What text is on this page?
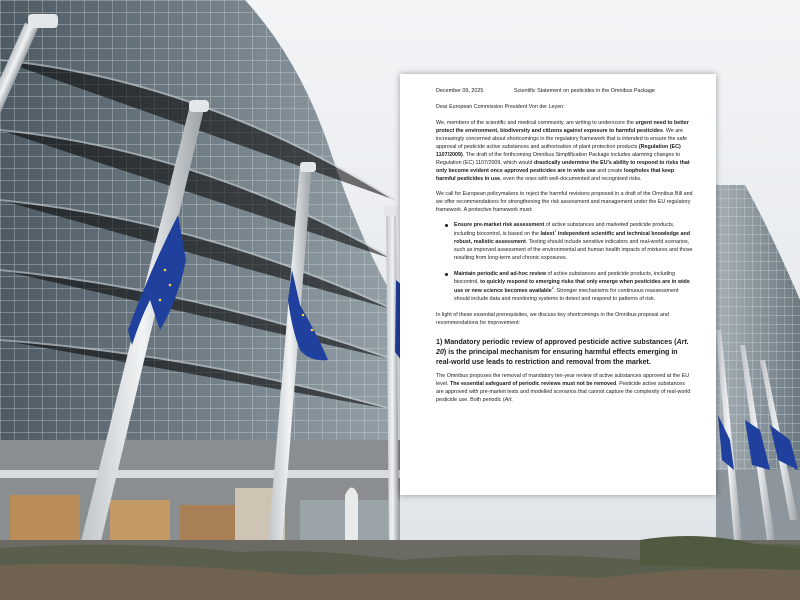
December 09, 2025	Scientific Statement on pesticides in the Omnibus Package

Dear European Commission President Von der Leyen:

We, members of the scientific and medical community, are writing to underscore the urgent need to better protect the environment, biodiversity and citizens against exposure to harmful pesticides. We are increasingly concerned about shortcomings in the regulatory framework that is intended to ensure the safe approval of pesticide active substances and authorisation of plant protection products (Regulation (EC) 1107/2009). The draft of the forthcoming Omnibus Simplification Package includes alarming changes to Regulation (EC) 1107/2009, which would drastically undermine the EU's ability to respond to risks that only become evident once approved pesticides are in wide use and create loopholes that keep harmful pesticides in use, even the ones with well-documented and recognised risks.

We call for European policymakers to reject the harmful revisions proposed in a draft of the Omnibus Bill and we offer recommendations for strengthening the risk assessment and management under the EU regulatory framework. A protective framework must:

Ensure pre-market risk assessment of active substances and marketed pesticide products, including biocontrol, is based on the latest$^1$ independent scientific and technical knowledge and robust, realistic assessment. Testing should include sensitive indicators and real-world scenarios, such as improved assessment of the environmental and human health impacts of mixtures and those resulting from long-term and chronic exposures.
Maintain periodic and ad-hoc review of active substances and pesticide products, including biocontrol, to quickly respond to emerging risks that only emerge when pesticides are in wide use or new science becomes available$^2$. Stronger mechanisms for continuous reassessment should include data and monitoring systems to detect and respond to patterns of risk.

In light of these essential prerequisites, we discuss key shortcomings in the Omnibus proposal and recommendations for improvement:

1) Mandatory periodic review of approved pesticide active substances (Art. 20) is the principal mechanism for ensuring harmful effects emerging in real-world use leads to restriction and removal from the market.

The Omnibus proposes the removal of mandatory ten-year review of active substances approved at the EU level. The essential safeguard of periodic reviews must not be removed. Pesticide active substances are approved with pre-market tests and modelled scenarios that cannot capture the complexity of real-world pesticide use. Both periodic (Art.
